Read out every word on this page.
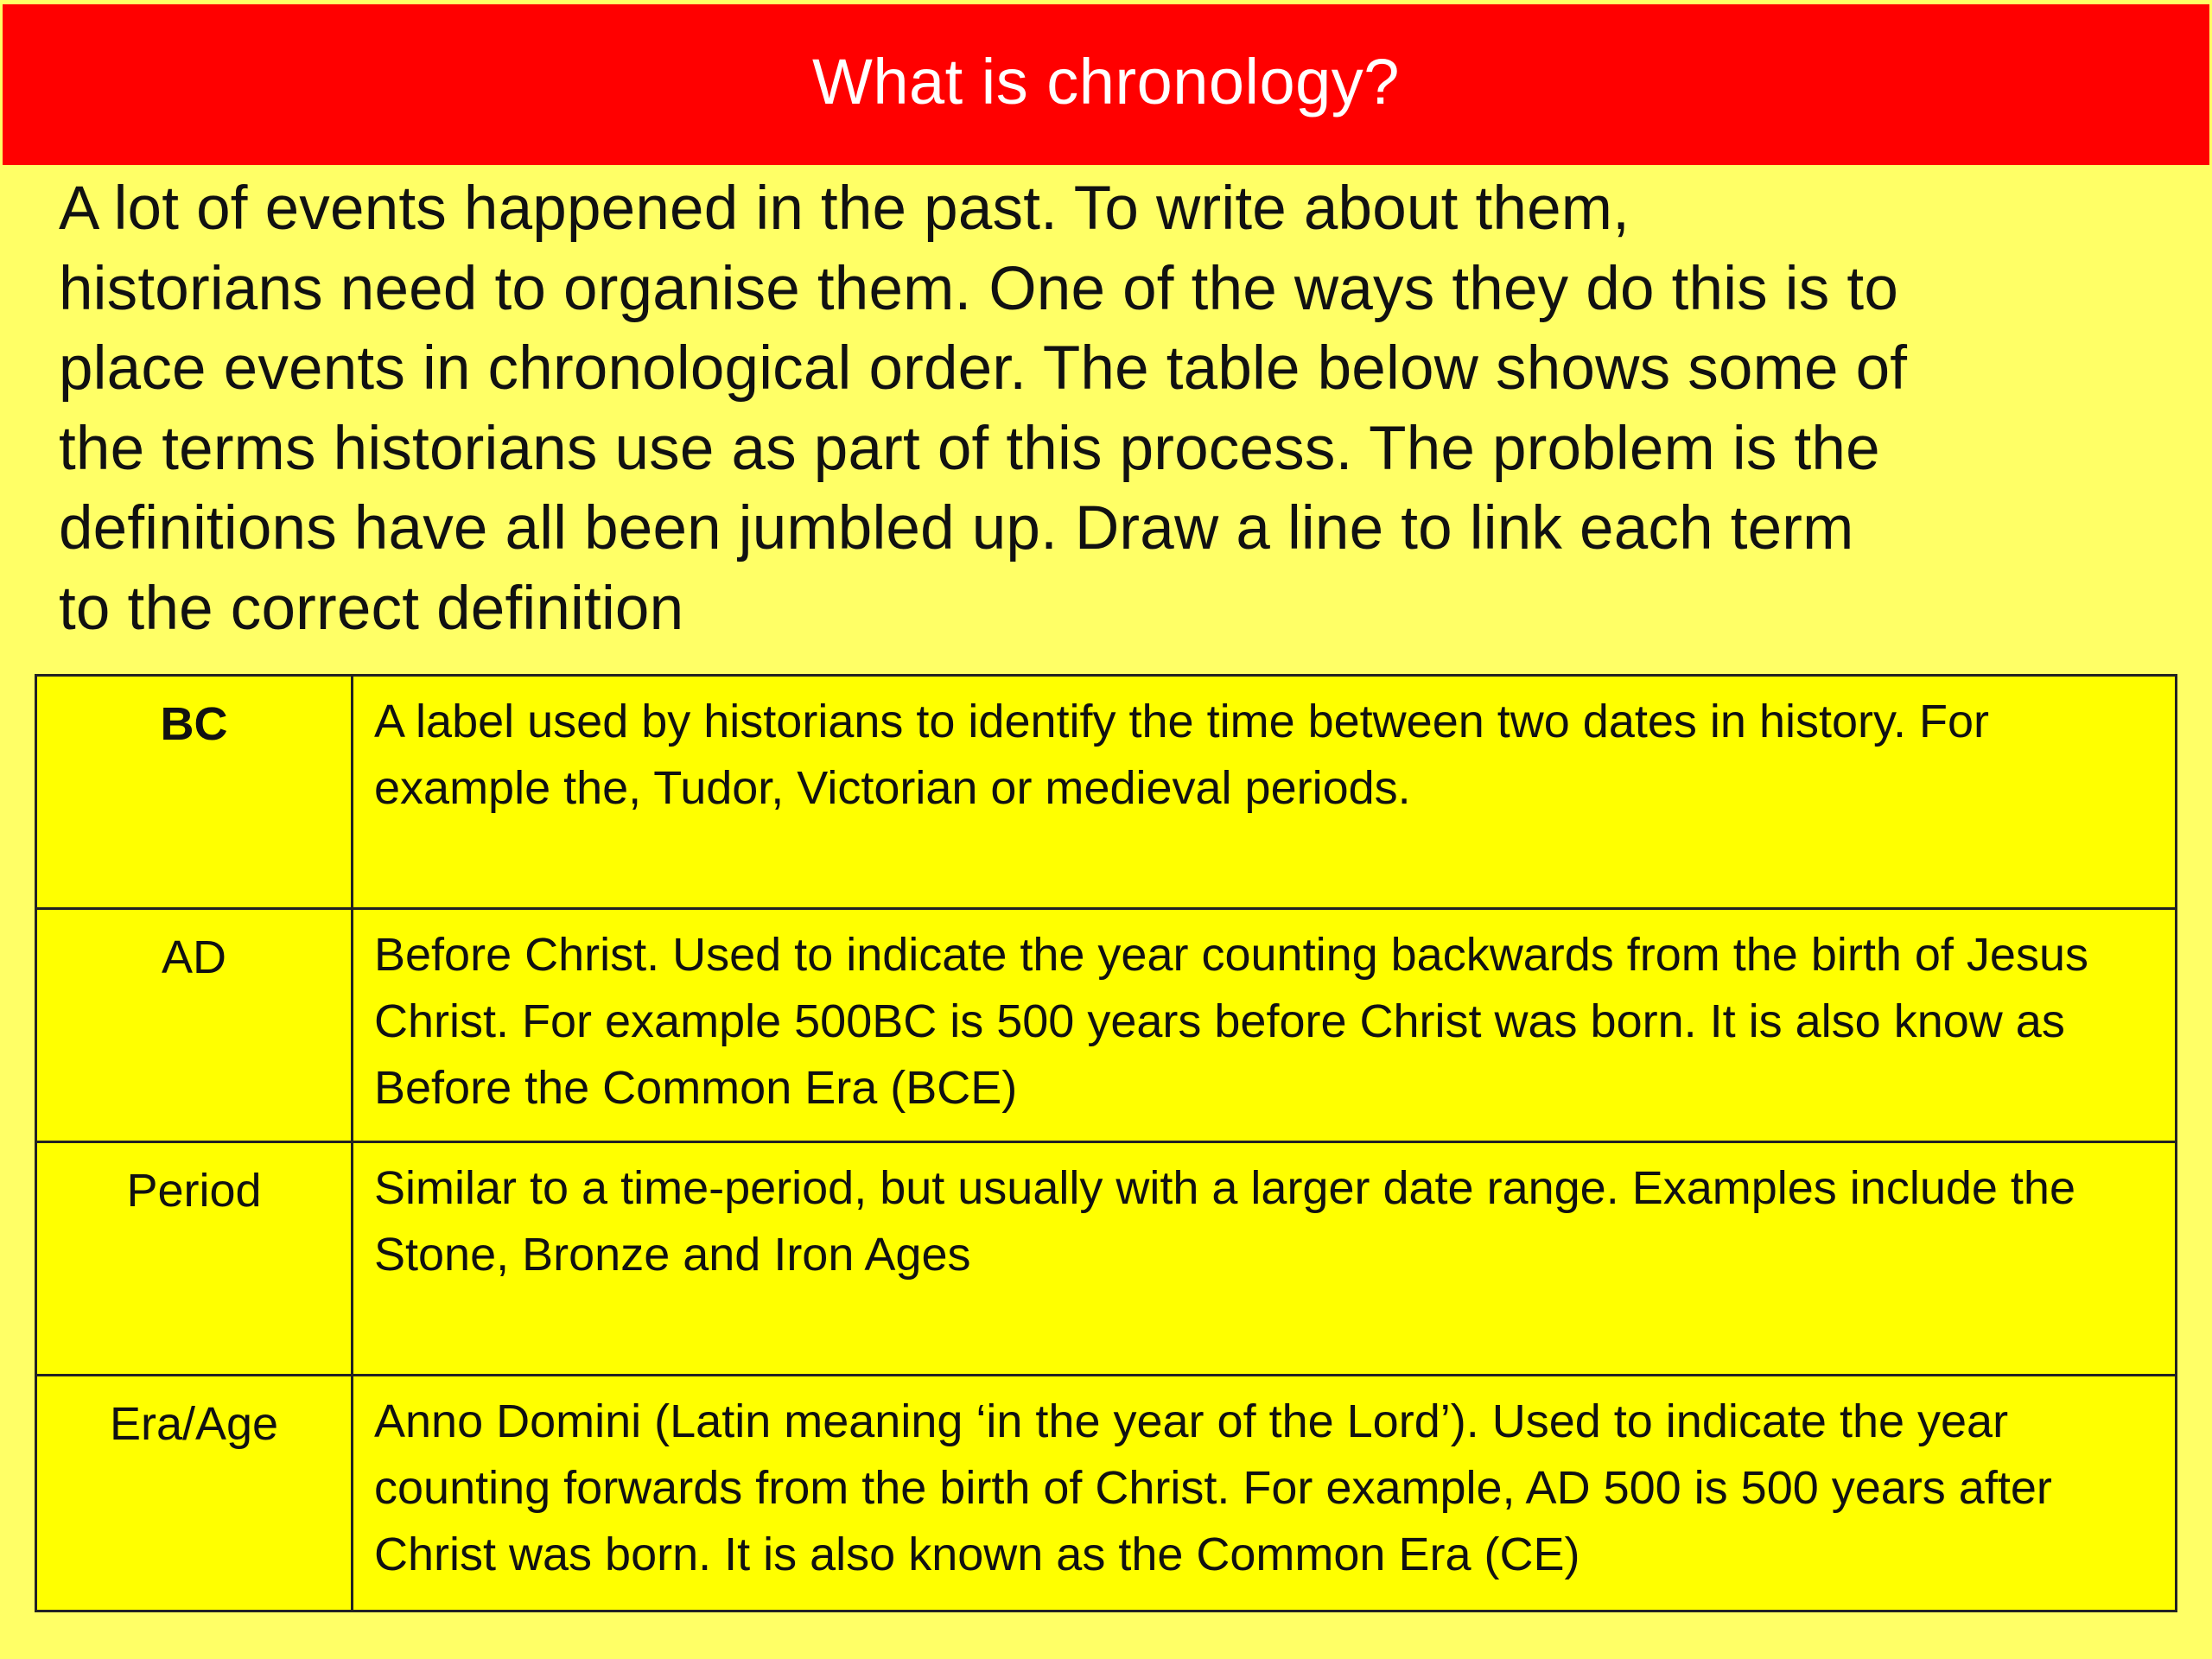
What is chronology?

A lot of events happened in the past. To write about them,
historians need to organise them. One of the ways they do this is to
place events in chronological order. The table below shows some of
the terms historians use as part of this process. The problem is the
definitions have all been jumbled up. Draw a line to link each term
to the correct definition

BC	A label used by historians to identify the time between two dates in history. For example the, Tudor, Victorian or medieval periods.
AD	Before Christ. Used to indicate the year counting backwards from the birth of Jesus Christ. For example 500BC is 500 years before Christ was born. It is also know as Before the Common Era (BCE)
Period	Similar to a time-period, but usually with a larger date range. Examples include the Stone, Bronze and Iron Ages
Era/Age	Anno Domini (Latin meaning ‘in the year of the Lord’). Used to indicate the year counting forwards from the birth of Christ. For example, AD 500 is 500 years after Christ was born. It is also known as the Common Era (CE)
